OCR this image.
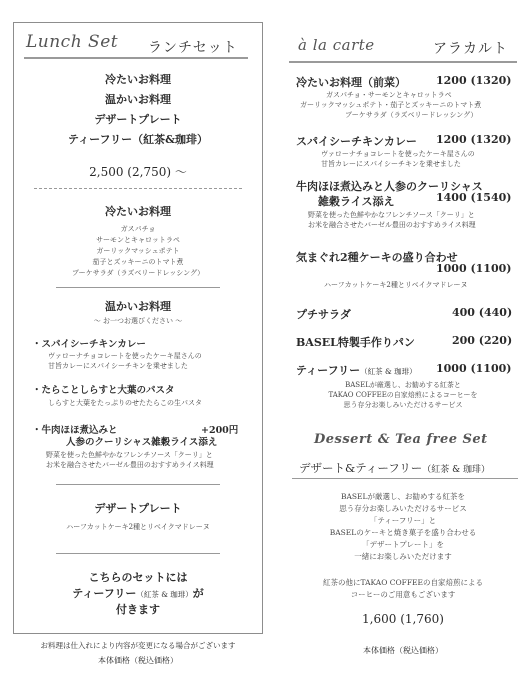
Lunch Set ランチセット
冷たいお料理
温かいお料理
デザートプレート
ティーフリー（紅茶&珈琲）
2,500 (2,750) 〜
冷たいお料理
ガスパチョ
サーモンとキャロットラペ
ガーリックマッシュポテト
茄子とズッキーニのトマト煮
ブーケサラダ（ラズベリードレッシング）
温かいお料理
〜 お一つお選びください 〜
・スパイシーチキンカレー
ヴァローナチョコレートを使ったケーキ屋さんの
甘旨カレーにスパイシーチキンを乗せました
・たらことしらすと大葉のパスタ
しらすと大葉をたっぷりのせたたらこの生パスタ
・牛肉ほほ煮込みと	+200円
人参のクーリシャス雑穀ライス添え
野菜を使った色鮮やかなフレンチソース「クーリ」と
お米を融合させたバーゼル豊田のおすすめライス料理
デザートプレート
ハーフカットケーキ2種とリベイクマドレーヌ
こちらのセットには
ティーフリー（紅茶 & 珈琲）が
付きます
お料理は仕入れにより内容が変更になる場合がございます
本体価格（税込価格）
à la carte	アラカルト
冷たいお料理（前菜）	1200 (1320)
ガスパチョ・サーモンとキャロットラペ
ガーリックマッシュポテト・茄子とズッキーニのトマト煮
ブーケサラダ（ラズベリードレッシング）
スパイシーチキンカレー 1200 (1320)
ヴァローナチョコレートを使ったケーキ屋さんの
甘旨カレーにスパイシーチキンを乗せました
牛肉ほほ煮込みと人参のクーリシャス
雑穀ライス添え	1400 (1540)
野菜を使った色鮮やかなフレンチソース「クーリ」と
お米を融合させたバーゼル豊田のおすすめライス料理
気まぐれ2種ケーキの盛り合わせ
1000 (1100)
ハーフカットケーキ2種とリベイクマドレーヌ
プチサラダ	400 (440)
BASEL特製手作りパン	200 (220)
ティーフリー（紅茶 & 珈琲） 1000 (1100)
BASELが厳選し、お勧めする紅茶と
TAKAO COFFEEの自家焙煎によるコーヒーを
思う存分お楽しみいただけるサービス
Dessert & Tea free Set
デザート&ティーフリー（紅茶 & 珈琲）
BASELが厳選し、お勧めする紅茶を
思う存分お楽しみいただけるサービス
「ティーフリー」と
BASELのケーキと焼き菓子を盛り合わせる
「デザートプレート」を
一緒にお楽しみいただけます
紅茶の他にTAKAO COFFEEの自家焙煎による
コーヒーのご用意もございます
1,600 (1,760)
本体価格（税込価格）
